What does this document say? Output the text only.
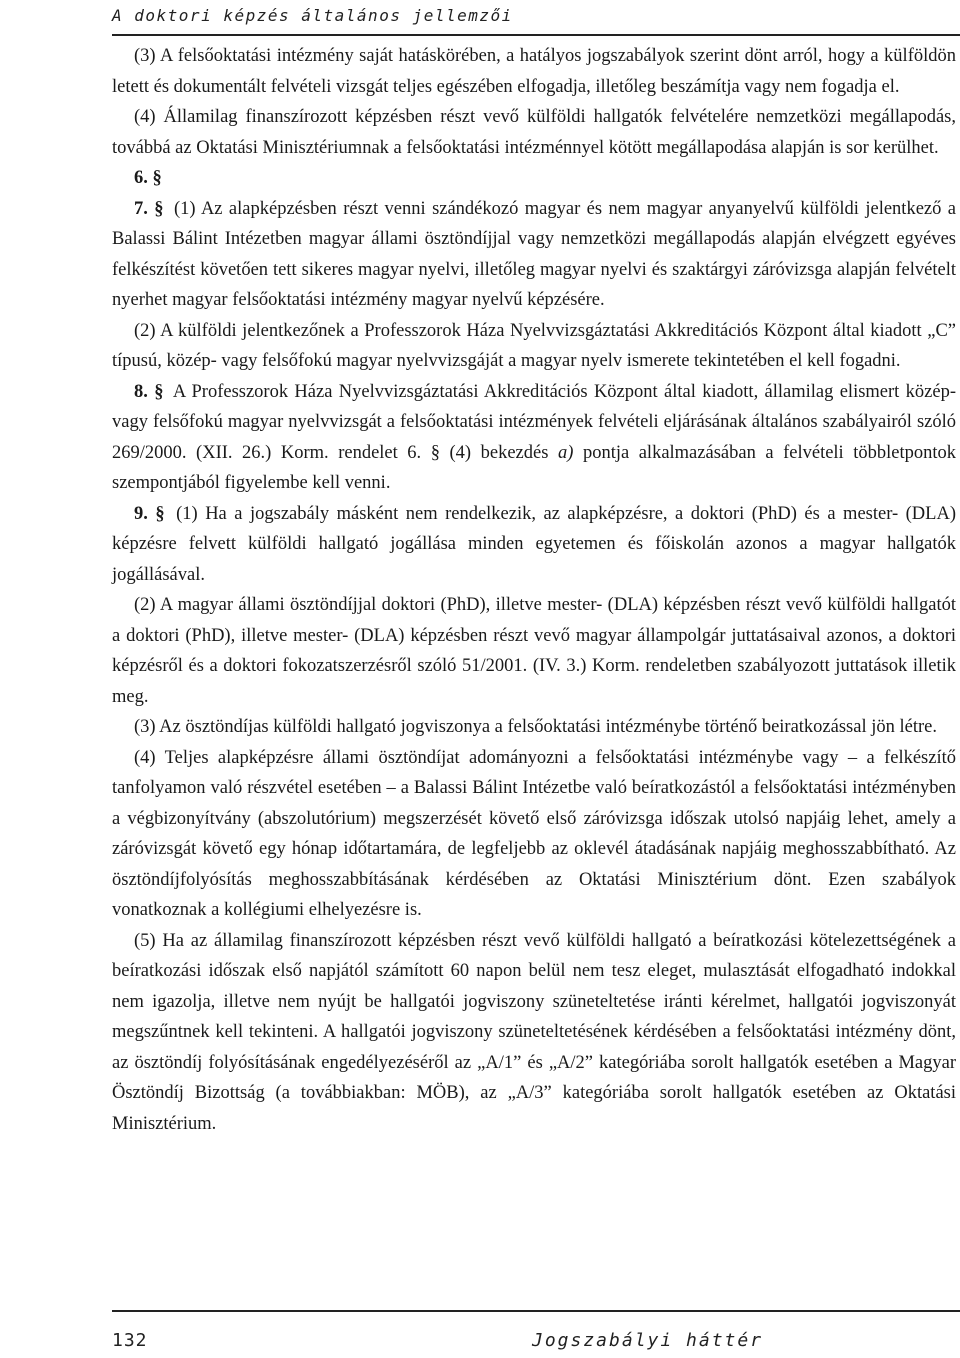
A doktori képzés általános jellemzői

(3) A felsőoktatási intézmény saját hatáskörében, a hatályos jogszabályok szerint dönt arról, hogy a külföldön letett és dokumentált felvételi vizsgát teljes egészében elfogadja, illetőleg beszámítja vagy nem fogadja el.

(4) Államilag finanszírozott képzésben részt vevő külföldi hallgatók felvételére nemzetközi megállapodás, továbbá az Oktatási Minisztériumnak a felsőoktatási intézménnyel kötött megállapodása alapján is sor kerülhet.

6. §

7. § (1) Az alapképzésben részt venni szándékozó magyar és nem magyar anyanyelvű külföldi jelentkező a Balassi Bálint Intézetben magyar állami ösztöndíjjal vagy nemzetközi megállapodás alapján elvégzett egyéves felkészítést követően tett sikeres magyar nyelvi, illetőleg magyar nyelvi és szaktárgyi záróvizsga alapján felvételt nyerhet magyar felsőoktatási intézmény magyar nyelvű képzésére.

(2) A külföldi jelentkezőnek a Professzorok Háza Nyelvvizsgáztatási Akkreditációs Központ által kiadott „C” típusú, közép- vagy felsőfokú magyar nyelvvizsgáját a magyar nyelv ismerete tekintetében el kell fogadni.

8. § A Professzorok Háza Nyelvvizsgáztatási Akkreditációs Központ által kiadott, államilag elismert közép- vagy felsőfokú magyar nyelvvizsgát a felsőoktatási intézmények felvételi eljárásának általános szabályairól szóló 269/2000. (XII. 26.) Korm. rendelet 6. § (4) bekezdés a) pontja alkalmazásában a felvételi többletpontok szempontjából figyelembe kell venni.

9. § (1) Ha a jogszabály másként nem rendelkezik, az alapképzésre, a doktori (PhD) és a mester- (DLA) képzésre felvett külföldi hallgató jogállása minden egyetemen és főiskolán azonos a magyar hallgatók jogállásával.

(2) A magyar állami ösztöndíjjal doktori (PhD), illetve mester- (DLA) képzésben részt vevő külföldi hallgatót a doktori (PhD), illetve mester- (DLA) képzésben részt vevő magyar állampolgár juttatásaival azonos, a doktori képzésről és a doktori fokozatszerzésről szóló 51/2001. (IV. 3.) Korm. rendeletben szabályozott juttatások illetik meg.

(3) Az ösztöndíjas külföldi hallgató jogviszonya a felsőoktatási intézménybe történő beiratkozással jön létre.

(4) Teljes alapképzésre állami ösztöndíjat adományozni a felsőoktatási intézménybe vagy – a felkészítő tanfolyamon való részvétel esetében – a Balassi Bálint Intézetbe való beíratkozástól a felsőoktatási intézményben a végbizonyítvány (abszolutórium) megszerzését követő első záróvizsga időszak utolsó napjáig lehet, amely a záróvizsgát követő egy hónap időtartamára, de legfeljebb az oklevél átadásának napjáig meghosszabbítható. Az ösztöndíjfolyósítás meghosszabbításának kérdésében az Oktatási Minisztérium dönt. Ezen szabályok vonatkoznak a kollégiumi elhelyezésre is.

(5) Ha az államilag finanszírozott képzésben részt vevő külföldi hallgató a beíratkozási kötelezettségének a beíratkozási időszak első napjától számított 60 napon belül nem tesz eleget, mulasztását elfogadható indokkal nem igazolja, illetve nem nyújt be hallgatói jogviszony szüneteltetése iránti kérelmet, hallgatói jogviszonyát megszűntnek kell tekinteni. A hallgatói jogviszony szüneteltetésének kérdésében a felsőoktatási intézmény dönt, az ösztöndíj folyósításának engedélyezéséről az „A/1” és „A/2” kategóriába sorolt hallgatók esetében a Magyar Ösztöndíj Bizottság (a továbbiakban: MÖB), az „A/3” kategóriába sorolt hallgatók esetében az Oktatási Minisztérium.

132	Jogszabályi háttér
